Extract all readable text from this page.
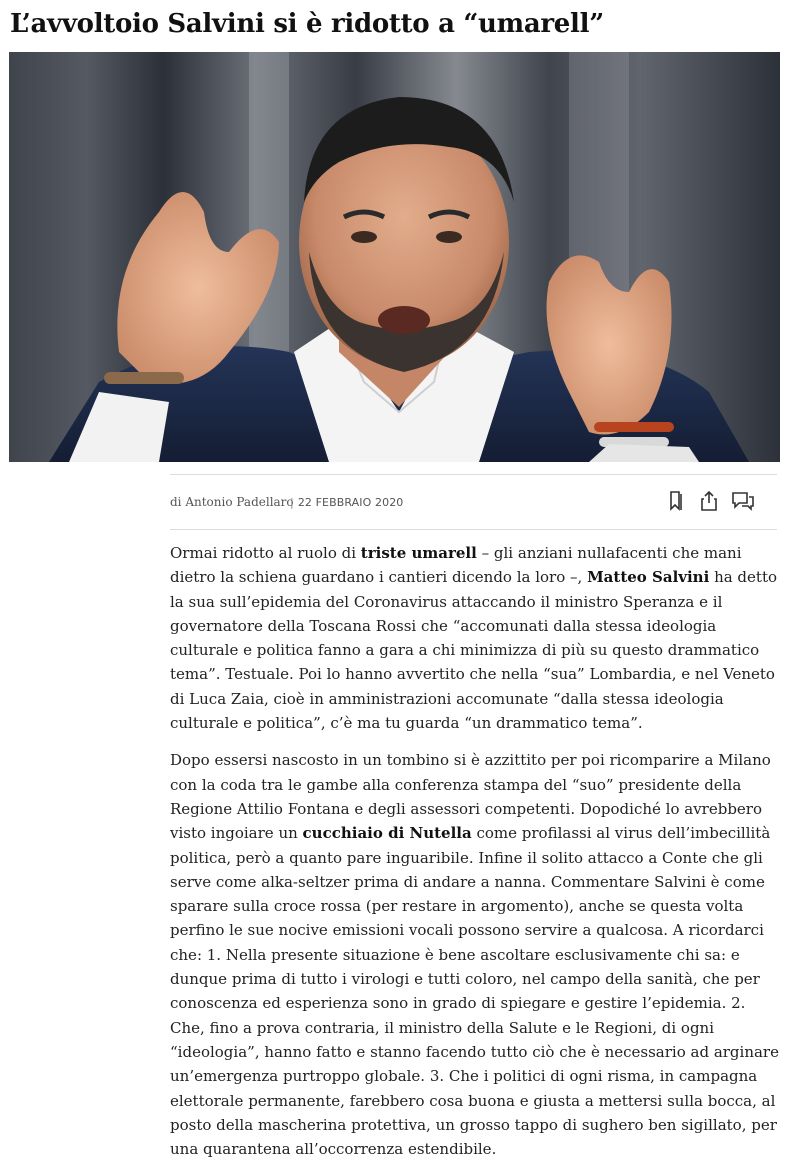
L’avvoltoio Salvini si è ridotto a “umarell”
di Antonio Padellaro
| 22 FEBBRAIO 2020

Ormai ridotto al ruolo di triste umarell – gli anziani nullafacenti che mani dietro la schiena guardano i cantieri dicendo la loro –, Matteo Salvini ha detto la sua sull’epidemia del Coronavirus attaccando il ministro Speranza e il governatore della Toscana Rossi che “accomunati dalla stessa ideologia culturale e politica fanno a gara a chi minimizza di più su questo drammatico tema”. Testuale. Poi lo hanno avvertito che nella “sua” Lombardia, e nel Veneto di Luca Zaia, cioè in amministrazioni accomunate “dalla stessa ideologia culturale e politica”, c’è ma tu guarda “un drammatico tema”.

Dopo essersi nascosto in un tombino si è azzittito per poi ricomparire a Milano con la coda tra le gambe alla conferenza stampa del “suo” presidente della Regione Attilio Fontana e degli assessori competenti. Dopodiché lo avrebbero visto ingoiare un cucchiaio di Nutella come profilassi al virus dell’imbecillità politica, però a quanto pare inguaribile. Infine il solito attacco a Conte che gli serve come alka-seltzer prima di andare a nanna. Commentare Salvini è come sparare sulla croce rossa (per restare in argomento), anche se questa volta perfino le sue nocive emissioni vocali possono servire a qualcosa. A ricordarci che: 1. Nella presente situazione è bene ascoltare esclusivamente chi sa: e dunque prima di tutto i virologi e tutti coloro, nel campo della sanità, che per conoscenza ed esperienza sono in grado di spiegare e gestire l’epidemia. 2. Che, fino a prova contraria, il ministro della Salute e le Regioni, di ogni “ideologia”, hanno fatto e stanno facendo tutto ciò che è necessario ad arginare un’emergenza purtroppo globale. 3. Che i politici di ogni risma, in campagna elettorale permanente, farebbero cosa buona e giusta a mettersi sulla bocca, al posto della mascherina protettiva, un grosso tappo di sughero ben sigillato, per una quarantena all’occorrenza estendibile.
